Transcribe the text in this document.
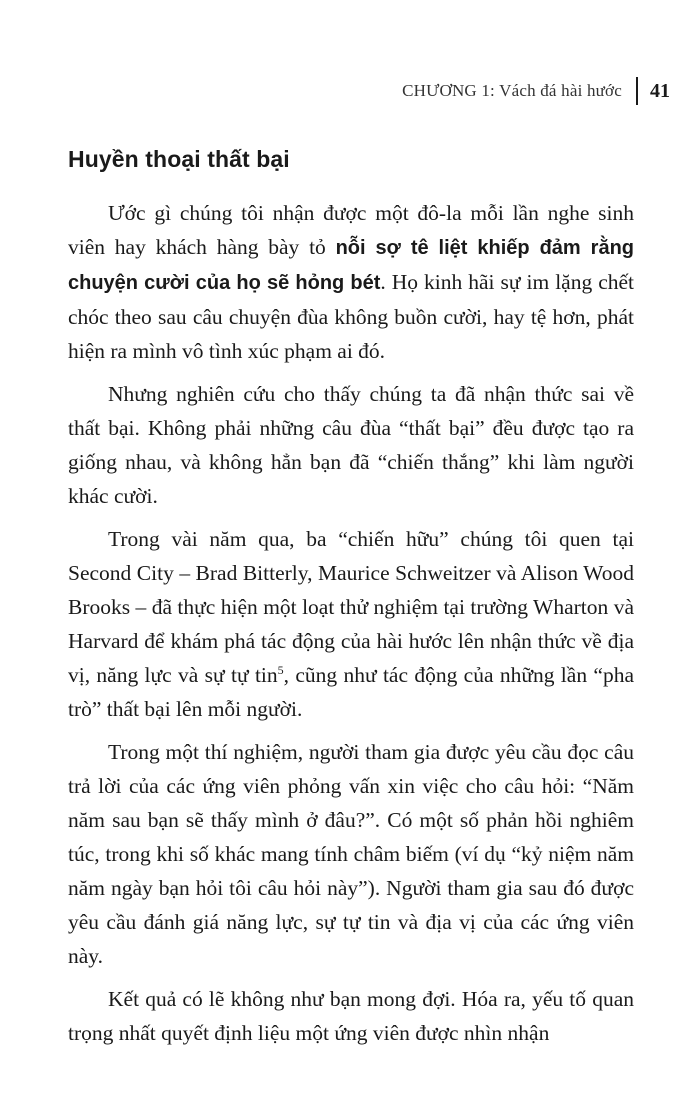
CHƯƠNG 1: Vách đá hài hước 41
Huyền thoại thất bại

Ước gì chúng tôi nhận được một đô-la mỗi lần nghe sinh viên hay khách hàng bày tỏ nỗi sợ tê liệt khiếp đảm rằng chuyện cười của họ sẽ hỏng bét. Họ kinh hãi sự im lặng chết chóc theo sau câu chuyện đùa không buồn cười, hay tệ hơn, phát hiện ra mình vô tình xúc phạm ai đó.

Nhưng nghiên cứu cho thấy chúng ta đã nhận thức sai về thất bại. Không phải những câu đùa “thất bại” đều được tạo ra giống nhau, và không hẳn bạn đã “chiến thắng” khi làm người khác cười.

Trong vài năm qua, ba “chiến hữu” chúng tôi quen tại Second City – Brad Bitterly, Maurice Schweitzer và Alison Wood Brooks – đã thực hiện một loạt thử nghiệm tại trường Wharton và Harvard để khám phá tác động của hài hước lên nhận thức về địa vị, năng lực và sự tự tin$^5$, cũng như tác động của những lần “pha trò” thất bại lên mỗi người.

Trong một thí nghiệm, người tham gia được yêu cầu đọc câu trả lời của các ứng viên phỏng vấn xin việc cho câu hỏi: “Năm năm sau bạn sẽ thấy mình ở đâu?”. Có một số phản hồi nghiêm túc, trong khi số khác mang tính châm biếm (ví dụ “kỷ niệm năm năm ngày bạn hỏi tôi câu hỏi này”). Người tham gia sau đó được yêu cầu đánh giá năng lực, sự tự tin và địa vị của các ứng viên này.

Kết quả có lẽ không như bạn mong đợi. Hóa ra, yếu tố quan trọng nhất quyết định liệu một ứng viên được nhìn nhận
